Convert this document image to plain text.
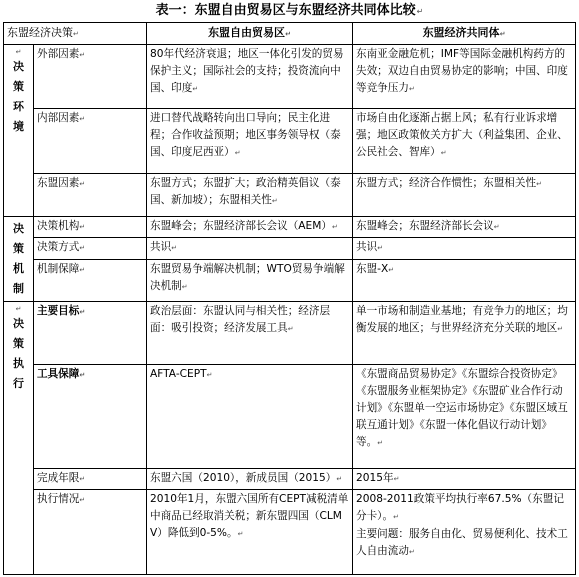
表一：东盟自由贸易区与东盟经济共同体比较↵
东盟经济决策↵		东盟自由贸易区↵	东盟经济共同体↵

↵
决
策
环
境	外部因素↵	80年代经济衰退；地区一体化引发的贸易保护主义；国际社会的支持；投资流向中国、印度↵	东南亚金融危机；IMF等国际金融机构药方的失效；双边自由贸易协定的影响；中国、印度等竞争压力↵
	内部因素↵	进口替代战略转向出口导向；民主化进程；合作收益预期；地区事务领导权（泰国、印度尼西亚）↵	市场自由化逐渐占据上风；私有行业诉求增强；地区政策攸关方扩大（利益集团、企业、公民社会、智库）↵
	东盟因素↵	东盟方式；东盟扩大；政治精英倡议（泰国、新加坡）；东盟相关性↵	东盟方式；经济合作惯性；东盟相关性↵

决
策
机
制	决策机构↵	东盟峰会；东盟经济部长会议（AEM）↵	东盟峰会；东盟经济部长会议↵
	决策方式↵	共识↵	共识↵
	机制保障↵	东盟贸易争端解决机制；WTO贸易争端解决机制↵	东盟-X↵

↵
决
策
执
行	主要目标↵	政治层面：东盟认同与相关性；经济层面：吸引投资；经济发展工具↵	单一市场和制造业基地；有竞争力的地区；均衡发展的地区；与世界经济充分关联的地区↵
	工具保障↵	AFTA-CEPT↵	《东盟商品贸易协定》《东盟综合投资协定》《东盟服务业框架协定》《东盟矿业合作行动计划》《东盟单一空运市场协定》《东盟区域互联互通计划》《东盟一体化倡议行动计划》等。↵
	完成年限↵	东盟六国（2010），新成员国（2015）↵	2015年↵
	执行情况↵	2010年1月，东盟六国所有CEPT减税清单中商品已经取消关税；新东盟四国（CLMV）降低到0-5%。↵	2008-2011政策平均执行率67.5%（东盟记分卡）。↵
主要问题：服务自由化、贸易便利化、技术工人自由流动↵
